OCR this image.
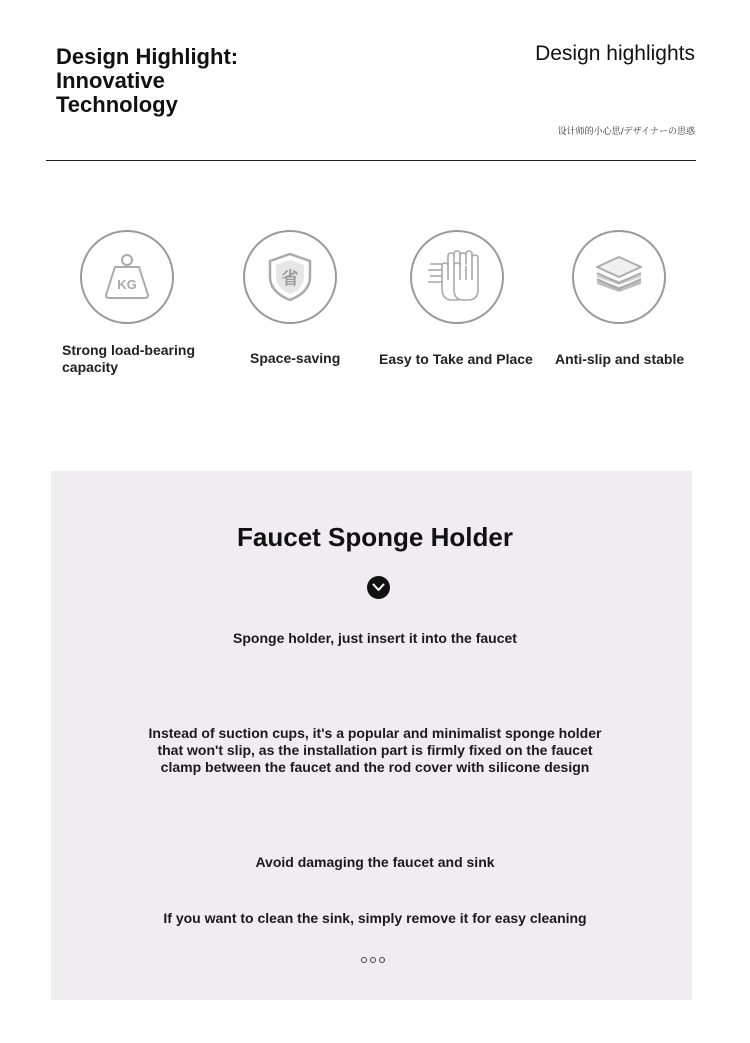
Design Highlight:
Innovative
Technology
Design highlights
设计师的小心思/デザイナーの思惑
KG
Strong load-bearing capacity
省
Space-saving	Easy to Take and Place Anti-slip and stable
Faucet Sponge Holder
Sponge holder, just insert it into the faucet
Instead of suction cups, it's a popular and minimalist sponge holder
that won't slip, as the installation part is firmly fixed on the faucet
clamp between the faucet and the rod cover with silicone design
Avoid damaging the faucet and sink
If you want to clean the sink, simply remove it for easy cleaning
